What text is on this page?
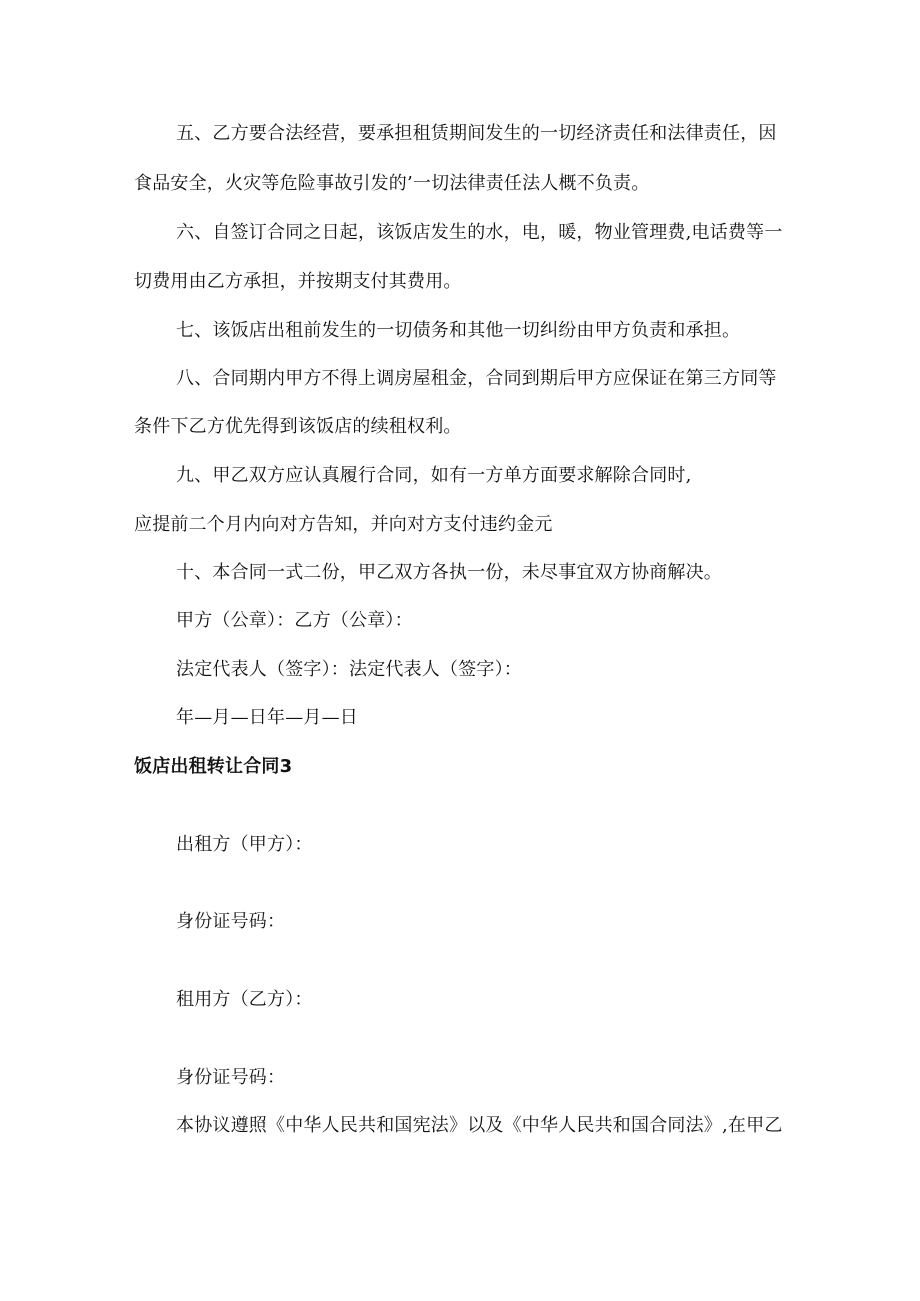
五、乙方要合法经营，要承担租赁期间发生的一切经济责任和法律责任，因
食品安全，火灾等危险事故引发的’一切法律责任法人概不负责。
六、自签订合同之日起，该饭店发生的水，电，暖，物业管理费,电话费等一
切费用由乙方承担，并按期支付其费用。
七、该饭店出租前发生的一切债务和其他一切纠纷由甲方负责和承担。
八、合同期内甲方不得上调房屋租金，合同到期后甲方应保证在第三方同等
条件下乙方优先得到该饭店的续租权利。
九、甲乙双方应认真履行合同，如有一方单方面要求解除合同时,
应提前二个月内向对方告知，并向对方支付违约金元
十、本合同一式二份，甲乙双方各执一份，未尽事宜双方协商解决。
甲方（公章）：乙方（公章）：
法定代表人（签字）：法定代表人（签字）：
年—月—日年—月—日
饭店出租转让合同3
出租方（甲方）：
身份证号码：
租用方（乙方）：
身份证号码：
本协议遵照《中华人民共和国宪法》以及《中华人民共和国合同法》,在甲乙
